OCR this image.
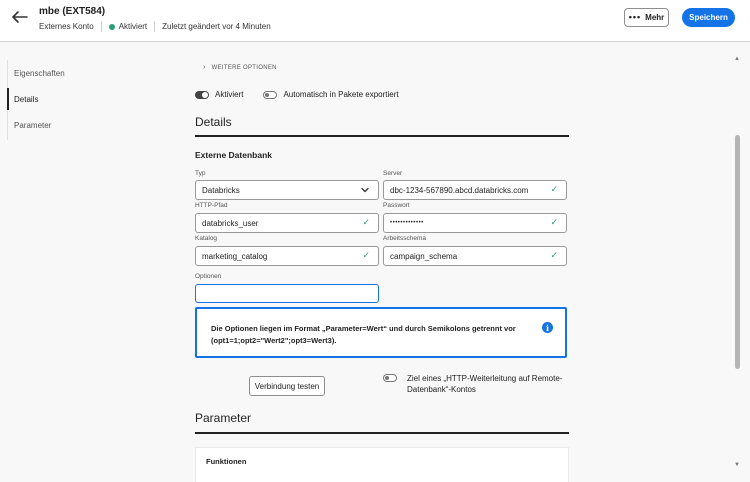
mbe (EXT584)
Externes Konto	Aktiviert Zuletzt geändert vor 4 Minuten
••• Mehr	Speichern
Eigenschaften
Details
Parameter
› WEITERE OPTIONEN
Aktiviert	Automatisch in Pakete exportiert
Details
Externe Datenbank
Typ
Databricks
Server
dbc-1234-567890.abcd.databricks.com ✓
HTTP-Pfad
databricks_user	✓
Passwort
•••••••••••••	✓
Katalog
marketing_catalog	✓
Arbeitsschema
campaign_schema	✓
Optionen
Die Optionen liegen im Format „Parameter=Wert“ und durch Semikolons getrennt vor (opt1=1;opt2="Wert2";opt3=Wert3).
i
Verbindung testen
Ziel eines „HTTP-Weiterleitung auf Remote-Datenbank“-Kontos
Parameter
Funktionen
▲
▼
